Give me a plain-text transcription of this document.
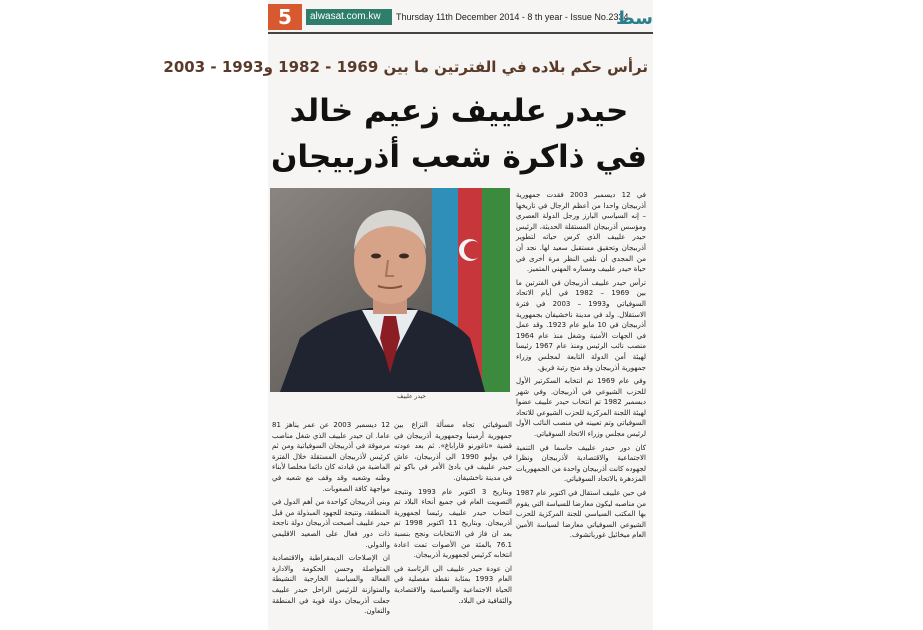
5	alwasat.com.kw	Thursday 11th December 2014 - 8 th year - Issue No.2334
سط
ترأس حكم بلاده في الفترتين ما بين 1969 - 1982 و1993 - 2003
حيدر علييف زعيم خالد في ذاكرة شعب أذربيجان
حيدر علييف

في 12 ديسمبر 2003 فقدت جمهورية أذربيجان واحدا من أعظم الرجال في تاريخها – إنه السياسي البارز ورجل الدولة العصري ومؤسس أذربيجان المستقلة الحديثة، الرئيس حيدر علييف الذي كرس حياته لتطوير أذربيجان وتحقيق مستقبل سعيد لها. نجد أن من المجدي أن نلقي النظر مرة أخرى في حياة حيدر علييف ومساره المهني المتميز.

ترأس حيدر علييف أذربيجان في الفترتين ما بين 1969 – 1982 في أيام الاتحاد السوفياتي و1993 – 2003 في فترة الاستقلال. ولد في مدينة ناخشيفان بجمهورية أذربيجان في 10 مايو عام 1923. وقد عمل في الجهات الأمنية وشغل منذ عام 1964 منصب نائب الرئيس ومنذ عام 1967 رئيسا لهيئة أمن الدولة التابعة لمجلس وزراء جمهورية أذربيجان وقد منح رتبة فريق.

وفي عام 1969 تم انتخابه السكرتير الأول للحزب الشيوعي في أذربيجان. وفي شهر ديسمبر 1982 تم انتخاب حيدر علييف عضوا لهيئة اللجنة المركزية للحزب الشيوعي للاتحاد السوفياتي وتم تعيينه في منصب النائب الأول لرئيس مجلس وزراء الاتحاد السوفياتي.

كان دور حيدر علييف حاسما في التنمية الاجتماعية والاقتصادية لأذربيجان ونظرا لجهوده كانت أذربيجان واحدة من الجمهوريات المزدهرة بالاتحاد السوفياتي.

في حين علييف استقال في اكتوبر عام 1987 من مناصبه ليكون معارضا للسياسة التي يقوم بها المكتب السياسي للجنة المركزية للحزب الشيوعي السوفياتي معارضا لسياسة الأمين العام ميخائيل غورباتشوف.

السوفياتي تجاه مسألة النزاع بين جمهورية أرمينيا وجمهورية أذربيجان في قضية «ناغورنو قاراباغ». ثم بعد عودته في يوليو 1990 الى أذربيجان، عاش حيدر علييف في بادئ الأمر في باكو ثم في مدينة ناخشيفان.

وبتاريخ 3 اكتوبر عام 1993 ونتيجة التصويت العام في جميع أنحاء البلاد تم انتخاب حيدر علييف رئيسا لجمهورية أذربيجان. وبتاريخ 11 اكتوبر 1998 تم بعد ان فاز في الانتخابات ونجح بنسبة 76.1 بالمئة من الأصوات تمت اعادة انتخابه كرئيس لجمهورية أذربيجان.

ان عودة حيدر علييف الى الرئاسة في العام 1993 بمثابة نقطة مفصلية في الحياة الاجتماعية والسياسية والاقتصادية والثقافية في البلاد.

12 ديسمبر 2003 عن عمر يناهز 81 عاما. ان حيدر علييف الذي شغل مناصب مرموقة في أذربيجان السوفياتية ومن ثم كرئيس لأذربيجان المستقلة خلال الفترة الماضية من قيادته كان دائما مخلصا لأبناء وطنه وشعبه وقد وقف مع شعبه في مواجهة كافة الصعوبات.

وبنى أذربيجان كواحدة من أهم الدول في المنطقة، ونتيجة للجهود المبذولة من قبل حيدر علييف أصبحت أذربيجان دولة ناجحة ذات دور فعال على الصعيد الاقليمي والدولي.

ان الإصلاحات الديمقراطية والاقتصادية المتواصلة وحسن الحكومة والادارة الفعالة والسياسة الخارجية النشيطة والمتوازنة للرئيس الراحل حيدر علييف جعلت أذربيجان دولة قوية في المنطقة والتعاون.
